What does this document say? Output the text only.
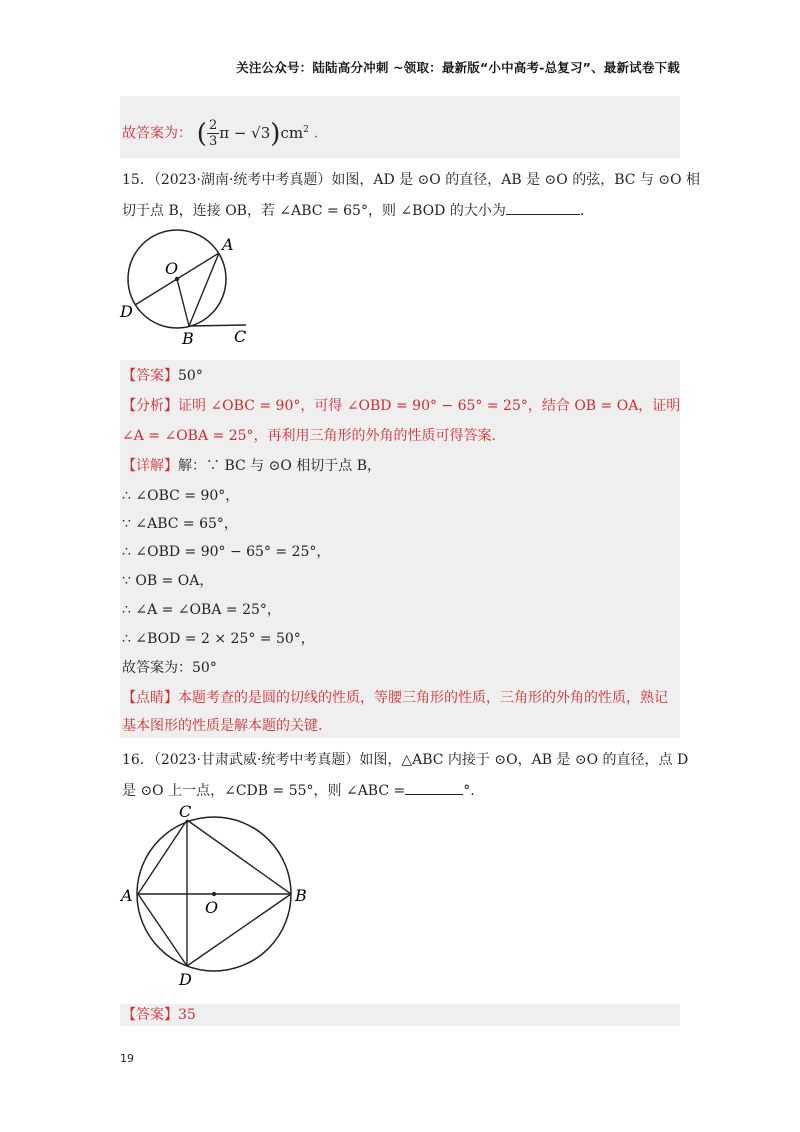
关注公众号：陆陆高分冲刺 ~领取：最新版“小中高考-总复习”、最新试卷下载
故答案为： ( $\frac{2}{3}$ $\pi - √3)cm^2$ .
15．（2023·湖南·统考中考真题）如图，AD 是 ⊙O 的直径，AB 是 ⊙O 的弦，BC 与 ⊙O 相
切于点 B，连接 OB，若 ∠ABC = 65°，则 ∠BOD 的大小为	.
O
A
D
B	C
【答案】50°
【分析】证明 ∠OBC = 90°，可得 ∠OBD = 90° − 65° = 25°，结合 OB = OA，证明
∠A = ∠OBA = 25°，再利用三角形的外角的性质可得答案.
【详解】解：∵ BC 与 ⊙O 相切于点 B，
∴ ∠OBC = 90°，
∵ ∠ABC = 65°，
∴ ∠OBD = 90° − 65° = 25°，
∵ OB = OA，
∴ ∠A = ∠OBA = 25°，
∴ ∠BOD = 2 × 25° = 50°，
故答案为：50°
【点睛】本题考查的是圆的切线的性质，等腰三角形的性质，三角形的外角的性质，熟记
基本图形的性质是解本题的关键.
16．（2023·甘肃武威·统考中考真题）如图，△ABC 内接于 ⊙O，AB 是 ⊙O 的直径，点 D
是 ⊙O 上一点，∠CDB = 55°，则 ∠ABC =	°.
C
A
O
B
D
【答案】35
19
